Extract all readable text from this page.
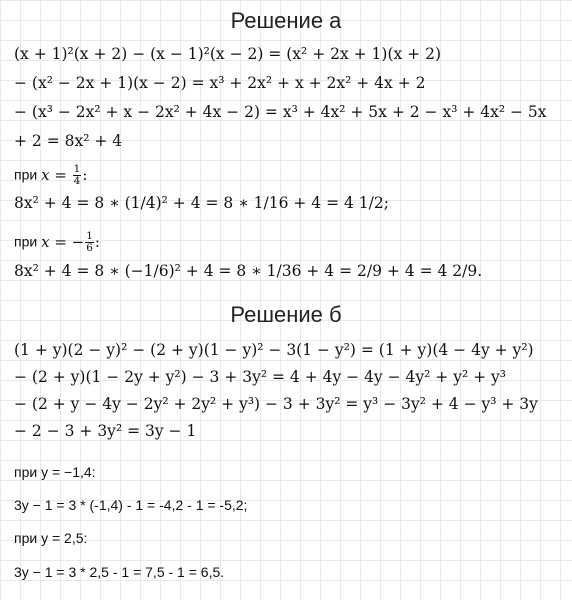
Решение а
(x + 1)²(x + 2) − (x − 1)²(x − 2) = (x² + 2x + 1)(x + 2)
− (x² − 2x + 1)(x − 2) = x³ + 2x² + x + 2x² + 4x + 2
− (x³ − 2x² + x − 2x² + 4x − 2) = x³ + 4x² + 5x + 2 − x³ + 4x² − 5x
+ 2 = 8x² + 4
при $x = \frac{1}{4}$ :
8x² + 4 = 8 ∗ (1/4)² + 4 = 8 ∗ 1/16 + 4 = 4 1/2;
при x = − $\frac{1}{6}$ :
8x² + 4 = 8 ∗ (−1/6)² + 4 = 8 ∗ 1/36 + 4 = 2/9 + 4 = 4 2/9.
Решение б
(1 + y)(2 − y)² − (2 + y)(1 − y)² − 3(1 − y²) = (1 + y)(4 − 4y + y²)
− (2 + y)(1 − 2y + y²) − 3 + 3y² = 4 + 4y − 4y − 4y² + y² + y³
− (2 + y − 4y − 2y² + 2y² + y³) − 3 + 3y² = y³ − 3y² + 4 − y³ + 3y
− 2 − 3 + 3y² = 3y − 1
при y = −1,4:
3y − 1 = 3 * (-1,4) - 1 = -4,2 - 1 = -5,2;
при y = 2,5:
3y − 1 = 3 * 2,5 - 1 = 7,5 - 1 = 6,5.
